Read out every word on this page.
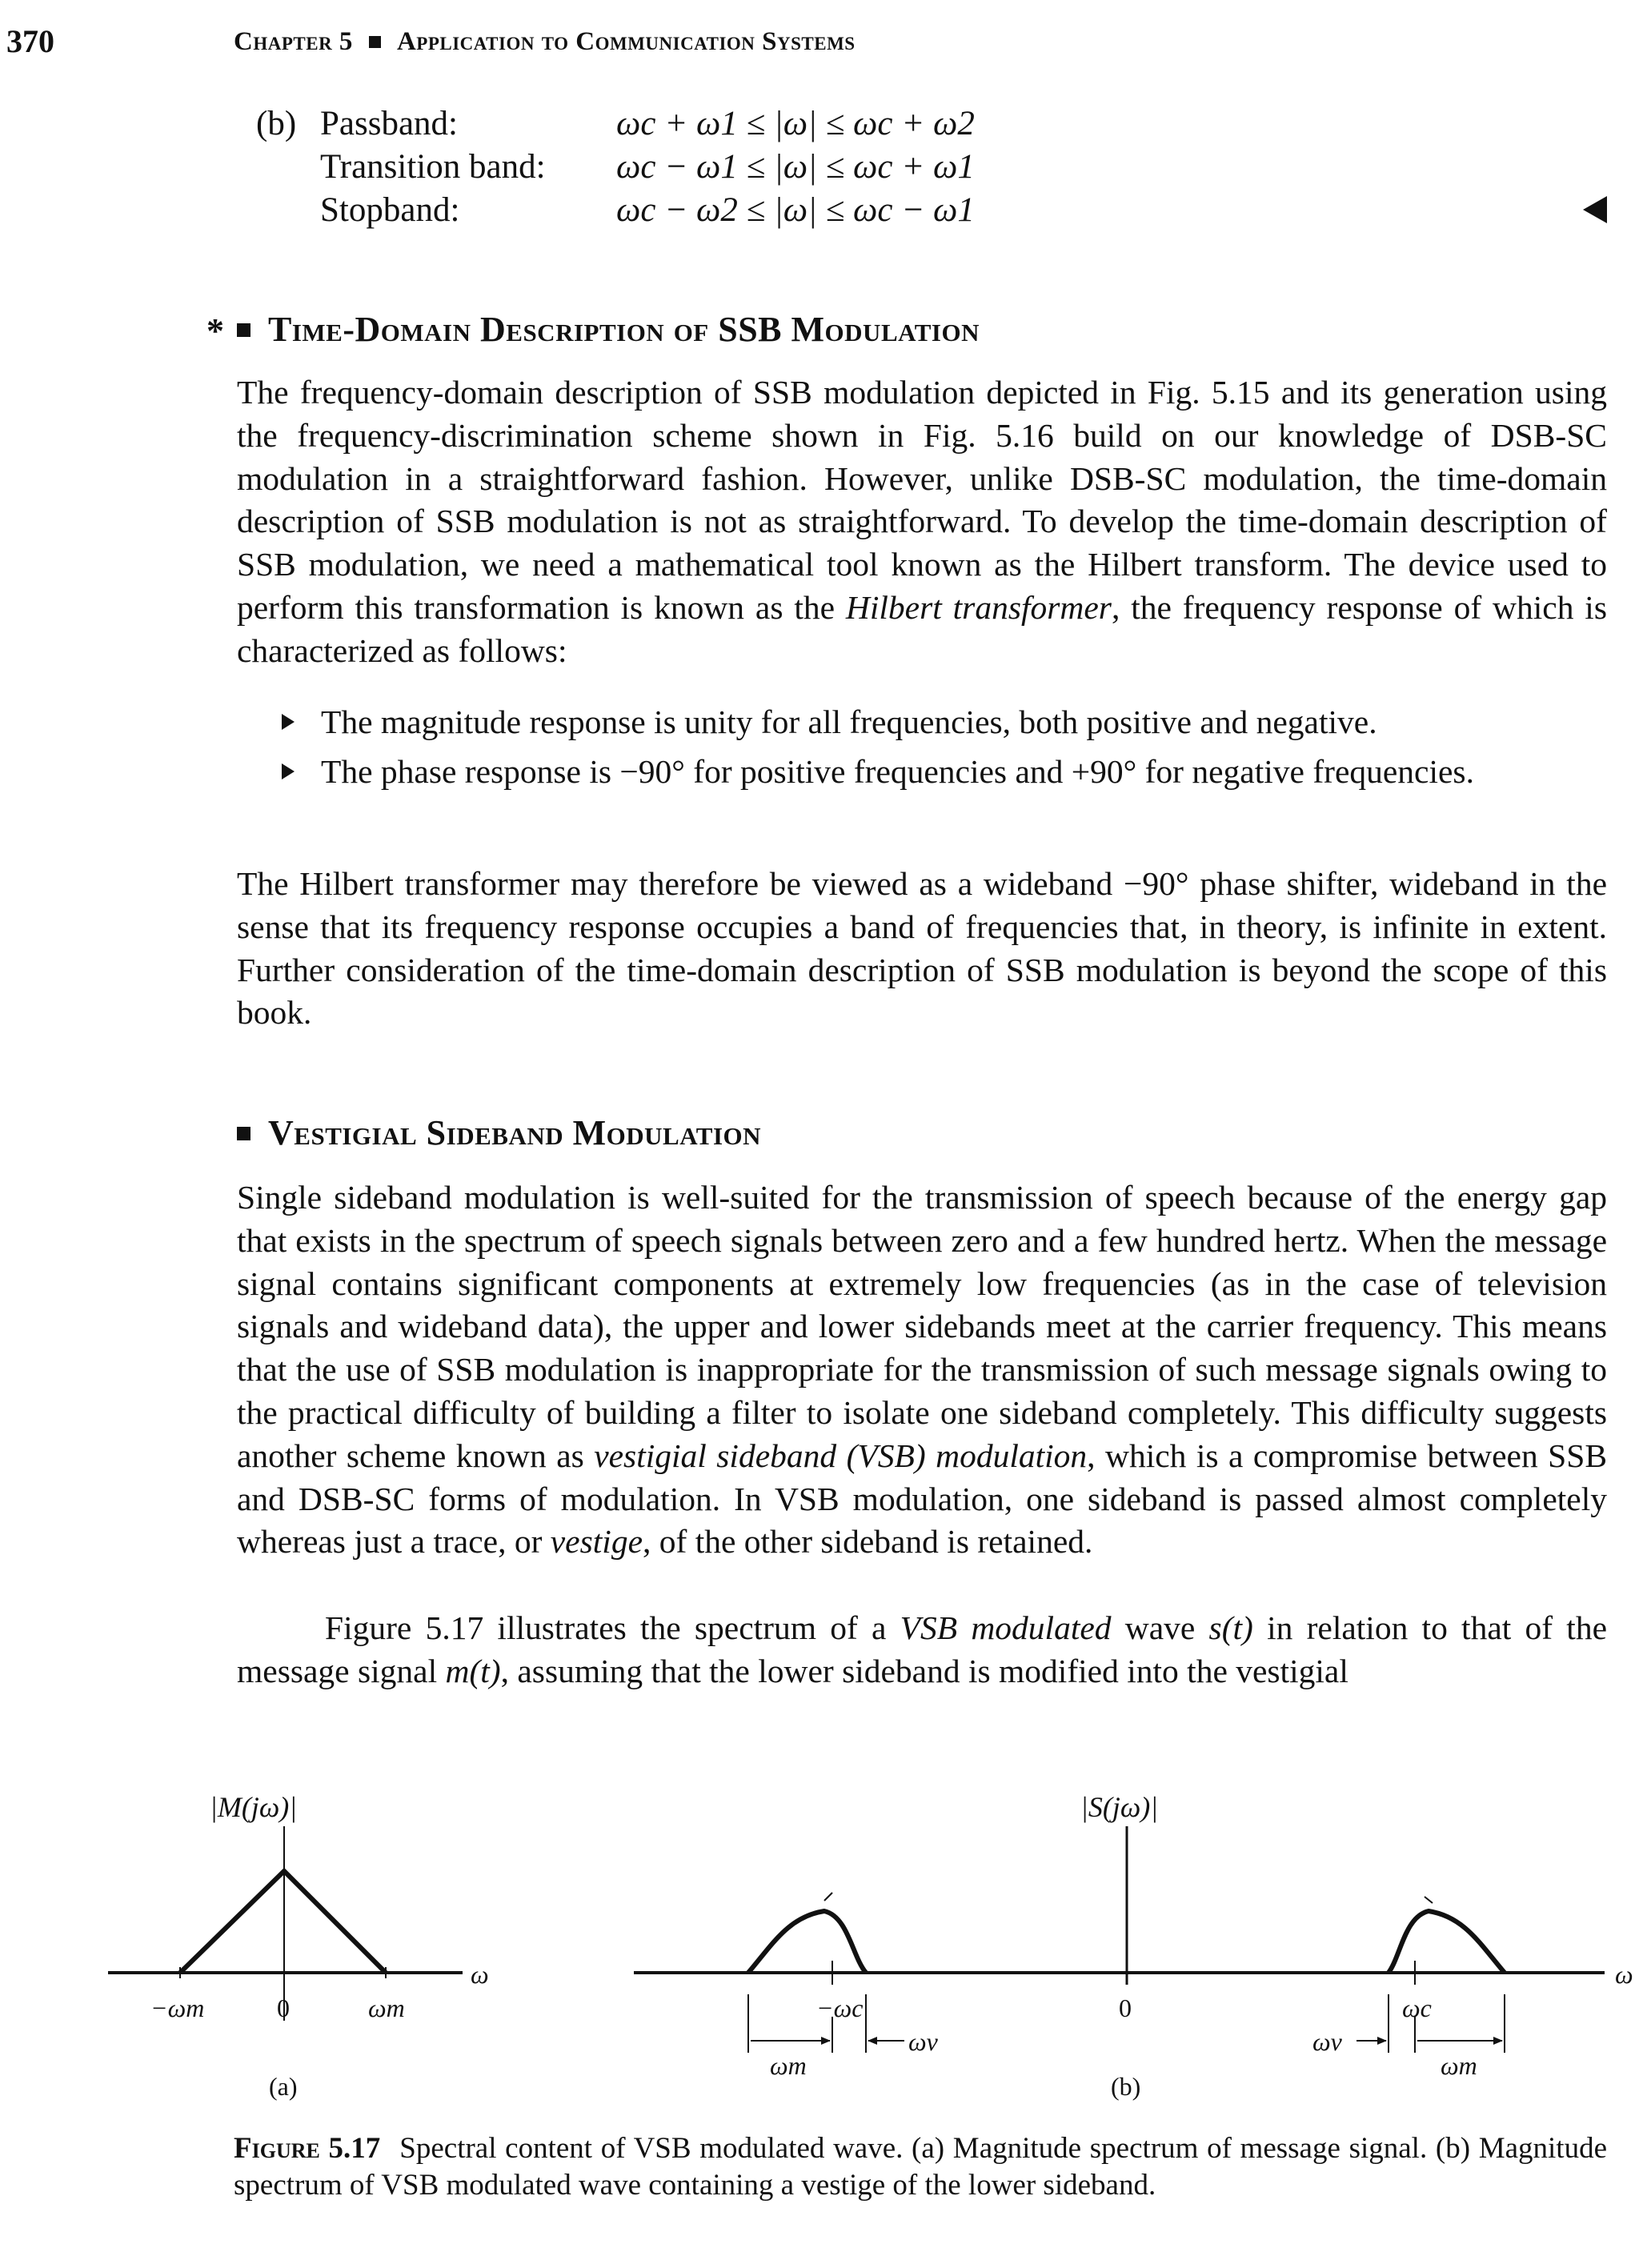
370	Chapter 5 Application to Communication Systems
(b) Passband:	ωc + ω1 ≤ |ω| ≤ ωc + ω2
Transition band: ωc − ω1 ≤ |ω| ≤ ωc + ω1
Stopband:	ωc − ω2 ≤ |ω| ≤ ωc − ω1
*	Time-Domain Description of SSB Modulation
The frequency-domain description of SSB modulation depicted in Fig. 5.15 and its generation using the frequency-discrimination scheme shown in Fig. 5.16 build on our knowledge of DSB-SC modulation in a straightforward fashion. However, unlike DSB-SC modulation, the time-domain description of SSB modulation is not as straightforward. To develop the time-domain description of SSB modulation, we need a mathematical tool known as the Hilbert transform. The device used to perform this transformation is known as the Hilbert transformer, the frequency response of which is characterized as follows:
The magnitude response is unity for all frequencies, both positive and negative.
The phase response is −90° for positive frequencies and +90° for negative frequencies.
The Hilbert transformer may therefore be viewed as a wideband −90° phase shifter, wideband in the sense that its frequency response occupies a band of frequencies that, in theory, is infinite in extent. Further consideration of the time-domain description of SSB modulation is beyond the scope of this book.
Vestigial Sideband Modulation
Single sideband modulation is well-suited for the transmission of speech because of the energy gap that exists in the spectrum of speech signals between zero and a few hundred hertz. When the message signal contains significant components at extremely low frequencies (as in the case of television signals and wideband data), the upper and lower sidebands meet at the carrier frequency. This means that the use of SSB modulation is inappropriate for the transmission of such message signals owing to the practical difficulty of building a filter to isolate one sideband completely. This difficulty suggests another scheme known as vestigial sideband (VSB) modulation, which is a compromise between SSB and DSB-SC forms of modulation. In VSB modulation, one sideband is passed almost completely whereas just a trace, or vestige, of the other sideband is retained.
Figure 5.17 illustrates the spectrum of a VSB modulated wave s(t) in relation to that of the message signal m(t), assuming that the lower sideband is modified into the vestigial
|M(jω)|
ω
−ωm	0	ωm
(a)
|S(jω)|
ω
−ωc	0	ωc
ωm
ωv	ωv
ωm
(b)
Figure 5.17 Spectral content of VSB modulated wave. (a) Magnitude spectrum of message signal. (b) Magnitude spectrum of VSB modulated wave containing a vestige of the lower sideband.
